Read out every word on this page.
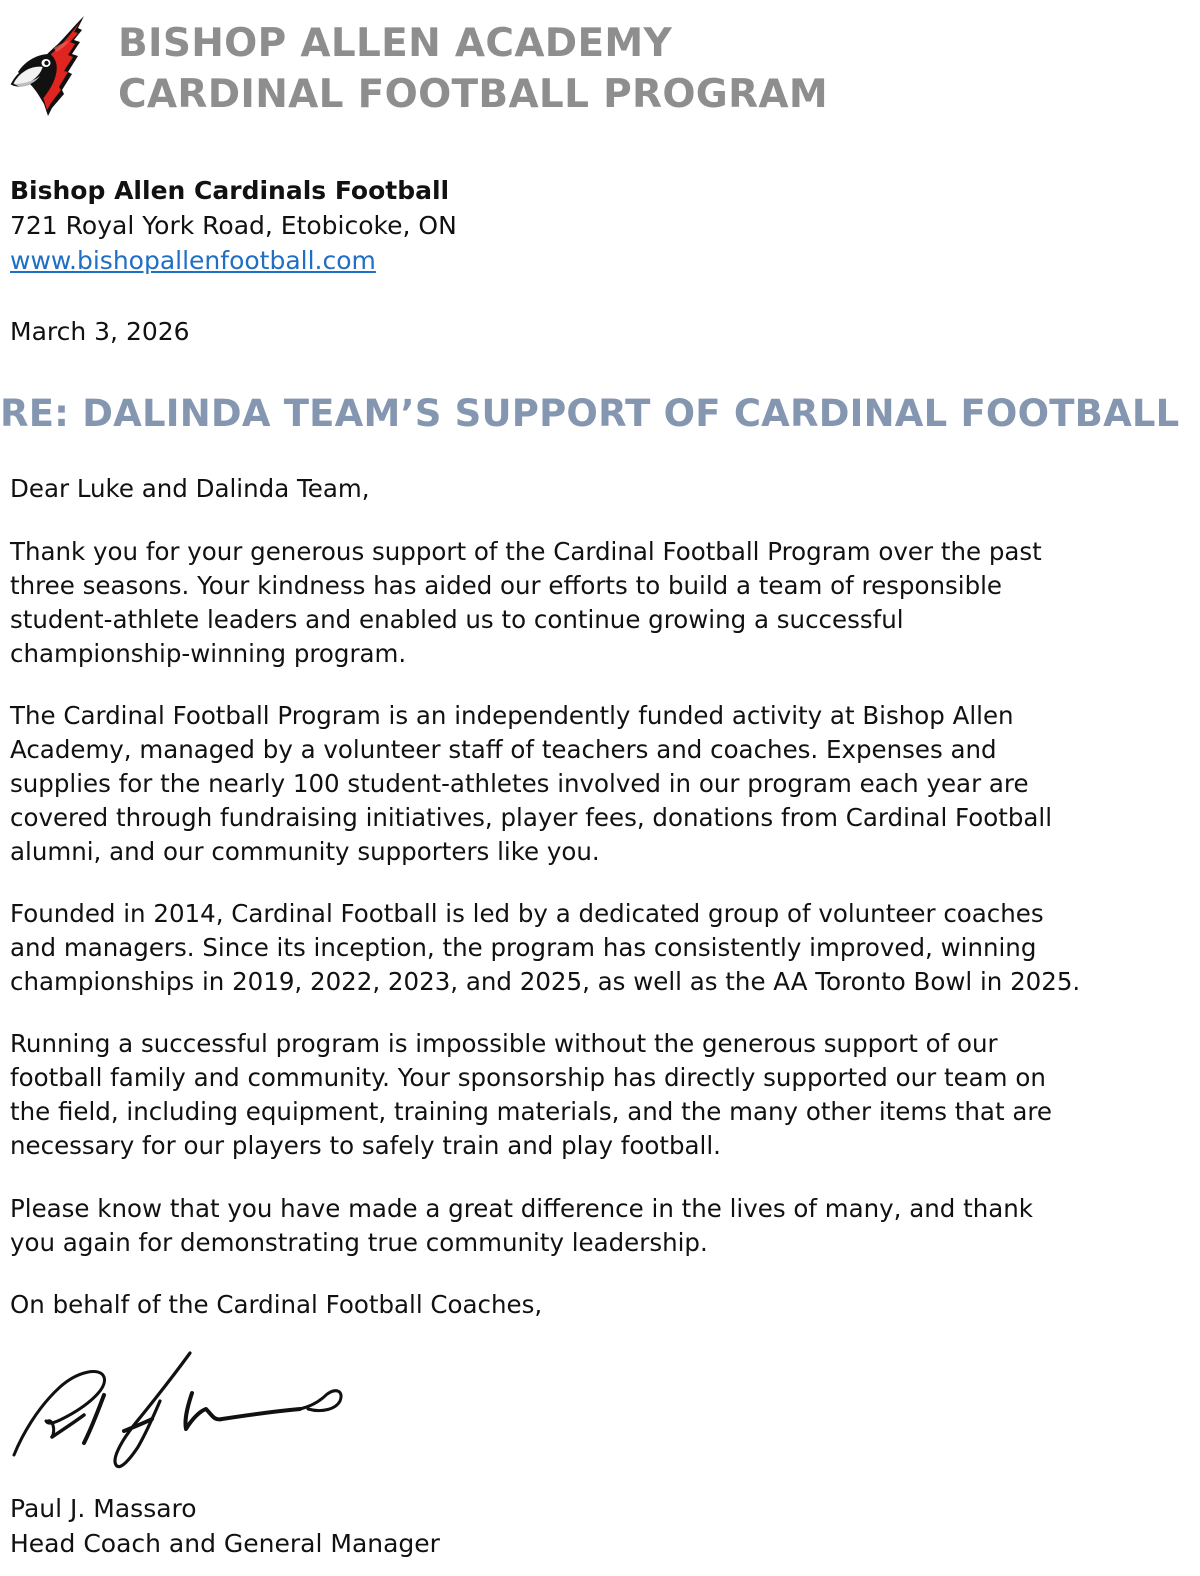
BISHOP ALLEN ACADEMY
CARDINAL FOOTBALL PROGRAM
Bishop Allen Cardinals Football
721 Royal York Road, Etobicoke, ON
www.bishopallenfootball.com
March 3, 2026
RE: DALINDA TEAM’S SUPPORT OF CARDINAL FOOTBALL

Dear Luke and Dalinda Team,

Thank you for your generous support of the Cardinal Football Program over the past

three seasons. Your kindness has aided our efforts to build a team of responsible

student-athlete leaders and enabled us to continue growing a successful

championship-winning program.

The Cardinal Football Program is an independently funded activity at Bishop Allen

Academy, managed by a volunteer staff of teachers and coaches. Expenses and

supplies for the nearly 100 student-athletes involved in our program each year are

covered through fundraising initiatives, player fees, donations from Cardinal Football

alumni, and our community supporters like you.

Founded in 2014, Cardinal Football is led by a dedicated group of volunteer coaches

and managers. Since its inception, the program has consistently improved, winning

championships in 2019, 2022, 2023, and 2025, as well as the AA Toronto Bowl in 2025.

Running a successful program is impossible without the generous support of our

football family and community. Your sponsorship has directly supported our team on

the field, including equipment, training materials, and the many other items that are

necessary for our players to safely train and play football.

Please know that you have made a great difference in the lives of many, and thank

you again for demonstrating true community leadership.

On behalf of the Cardinal Football Coaches,

Paul J. Massaro
Head Coach and General Manager
